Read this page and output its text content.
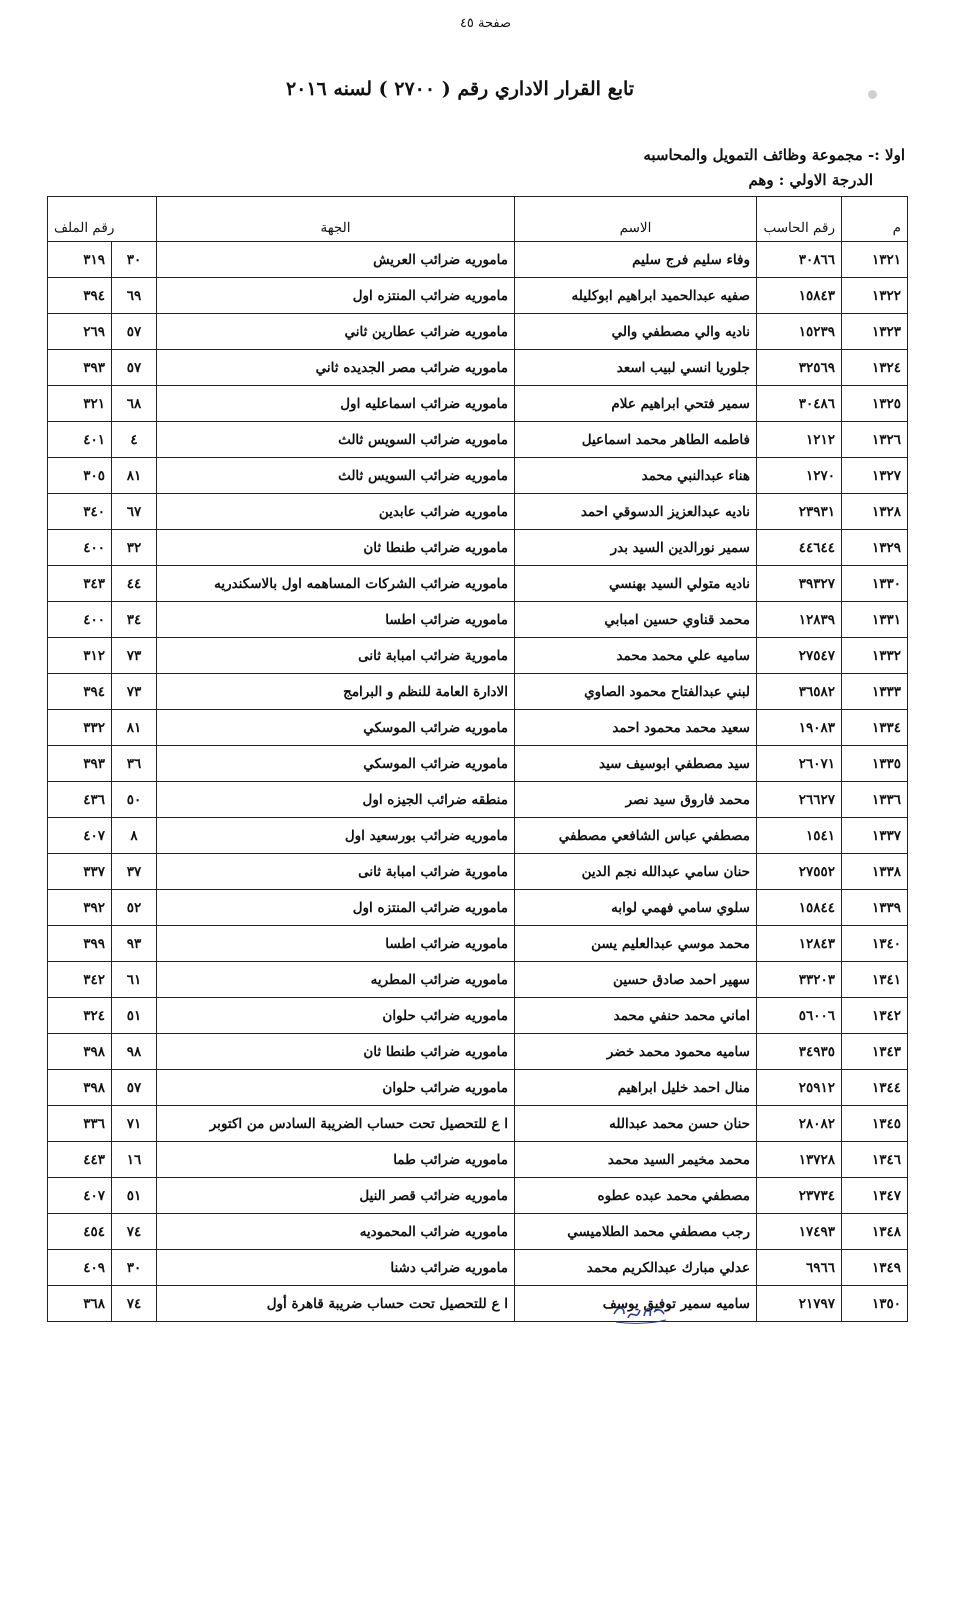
صفحة ٤٥
تابع القرار الاداري رقم ( ٢٧٠٠ ) لسنه ٢٠١٦
اولا :- مجموعة وظائف التمويل والمحاسبه
الدرجة الاولي : وهم
م	رقم الحاسب	الاسم	الجهة	رقم الملف	
١٣٢١	٣٠٨٦٦	وفاء سليم فرج سليم	ماموريه ضرائب العريش	٣٠	٣١٩
١٣٢٢	١٥٨٤٣	صفيه عبدالحميد ابراهيم ابوكليله	ماموريه ضرائب المنتزه اول	٦٩	٣٩٤
١٣٢٣	١٥٢٣٩	ناديه والي مصطفي والي	ماموريه ضرائب عطارين ثاني	٥٧	٢٦٩
١٣٢٤	٣٢٥٦٩	جلوريا انسي لبيب اسعد	ماموريه ضرائب مصر الجديده ثاني	٥٧	٣٩٣
١٣٢٥	٣٠٤٨٦	سمير فتحي ابراهيم علام	ماموريه ضرائب اسماعليه اول	٦٨	٣٢١
١٣٢٦	١٢١٢	فاطمه الطاهر محمد اسماعيل	ماموريه ضرائب السويس ثالث	٤	٤٠١
١٣٢٧	١٢٧٠	هناء عبدالنبي محمد	ماموريه ضرائب السويس ثالث	٨١	٣٠٥
١٣٢٨	٢٣٩٣١	ناديه عبدالعزيز الدسوقي احمد	ماموريه ضرائب عابدين	٦٧	٣٤٠
١٣٢٩	٤٤٦٤٤	سمير نورالدين السيد بدر	ماموريه ضرائب طنطا ثان	٣٢	٤٠٠
١٣٣٠	٣٩٣٢٧	ناديه متولي السيد بهنسي	ماموريه ضرائب الشركات المساهمه اول بالاسكندريه	٤٤	٣٤٣
١٣٣١	١٢٨٣٩	محمد قناوي حسين امبابي	ماموريه ضرائب اطسا	٣٤	٤٠٠
١٣٣٢	٢٧٥٤٧	ساميه علي محمد محمد	مامورية ضرائب امبابة ثانى	٧٣	٣١٢
١٣٣٣	٣٦٥٨٢	لبني عبدالفتاح محمود الصاوي	الادارة العامة للنظم و البرامج	٧٣	٣٩٤
١٣٣٤	١٩٠٨٣	سعيد محمد محمود احمد	ماموريه ضرائب الموسكي	٨١	٣٣٢
١٣٣٥	٢٦٠٧١	سيد مصطفي ابوسيف سيد	ماموريه ضرائب الموسكي	٣٦	٣٩٣
١٣٣٦	٢٦٦٢٧	محمد فاروق سيد نصر	منطقه ضرائب الجيزه اول	٥٠	٤٣٦
١٣٣٧	١٥٤١	مصطفي عباس الشافعي مصطفي	ماموريه ضرائب بورسعيد اول	٨	٤٠٧
١٣٣٨	٢٧٥٥٢	حنان سامي عبدالله نجم الدين	مامورية ضرائب امبابة ثانى	٣٧	٣٣٧
١٣٣٩	١٥٨٤٤	سلوي سامي فهمي لوابه	ماموريه ضرائب المنتزه اول	٥٢	٣٩٢
١٣٤٠	١٢٨٤٣	محمد موسي عبدالعليم يسن	ماموريه ضرائب اطسا	٩٣	٣٩٩
١٣٤١	٣٣٢٠٣	سهير احمد صادق حسين	ماموريه ضرائب المطريه	٦١	٣٤٢
١٣٤٢	٥٦٠٠٦	اماني محمد حنفي محمد	ماموريه ضرائب حلوان	٥١	٣٢٤
١٣٤٣	٣٤٩٣٥	ساميه محمود محمد خضر	ماموريه ضرائب طنطا ثان	٩٨	٣٩٨
١٣٤٤	٢٥٩١٢	منال احمد خليل ابراهيم	ماموريه ضرائب حلوان	٥٧	٣٩٨
١٣٤٥	٢٨٠٨٢	حنان حسن محمد عبدالله	ا ع للتحصيل تحت حساب الضريبة السادس من اكتوبر	٧١	٣٣٦
١٣٤٦	١٣٧٢٨	محمد مخيمر السيد محمد	ماموريه ضرائب طما	١٦	٤٤٣
١٣٤٧	٢٣٧٣٤	مصطفي محمد عبده عطوه	ماموريه ضرائب قصر النيل	٥١	٤٠٧
١٣٤٨	١٧٤٩٣	رجب مصطفي محمد الطلاميسي	ماموريه ضرائب المحموديه	٧٤	٤٥٤
١٣٤٩	٦٩٦٦	عدلي مبارك عبدالكريم محمد	ماموريه ضرائب دشنا	٣٠	٤٠٩
١٣٥٠	٢١٧٩٧	ساميه سمير توفيق يوسف	ا ع للتحصيل تحت حساب ضريبة قاهرة أول	٧٤	٣٦٨
